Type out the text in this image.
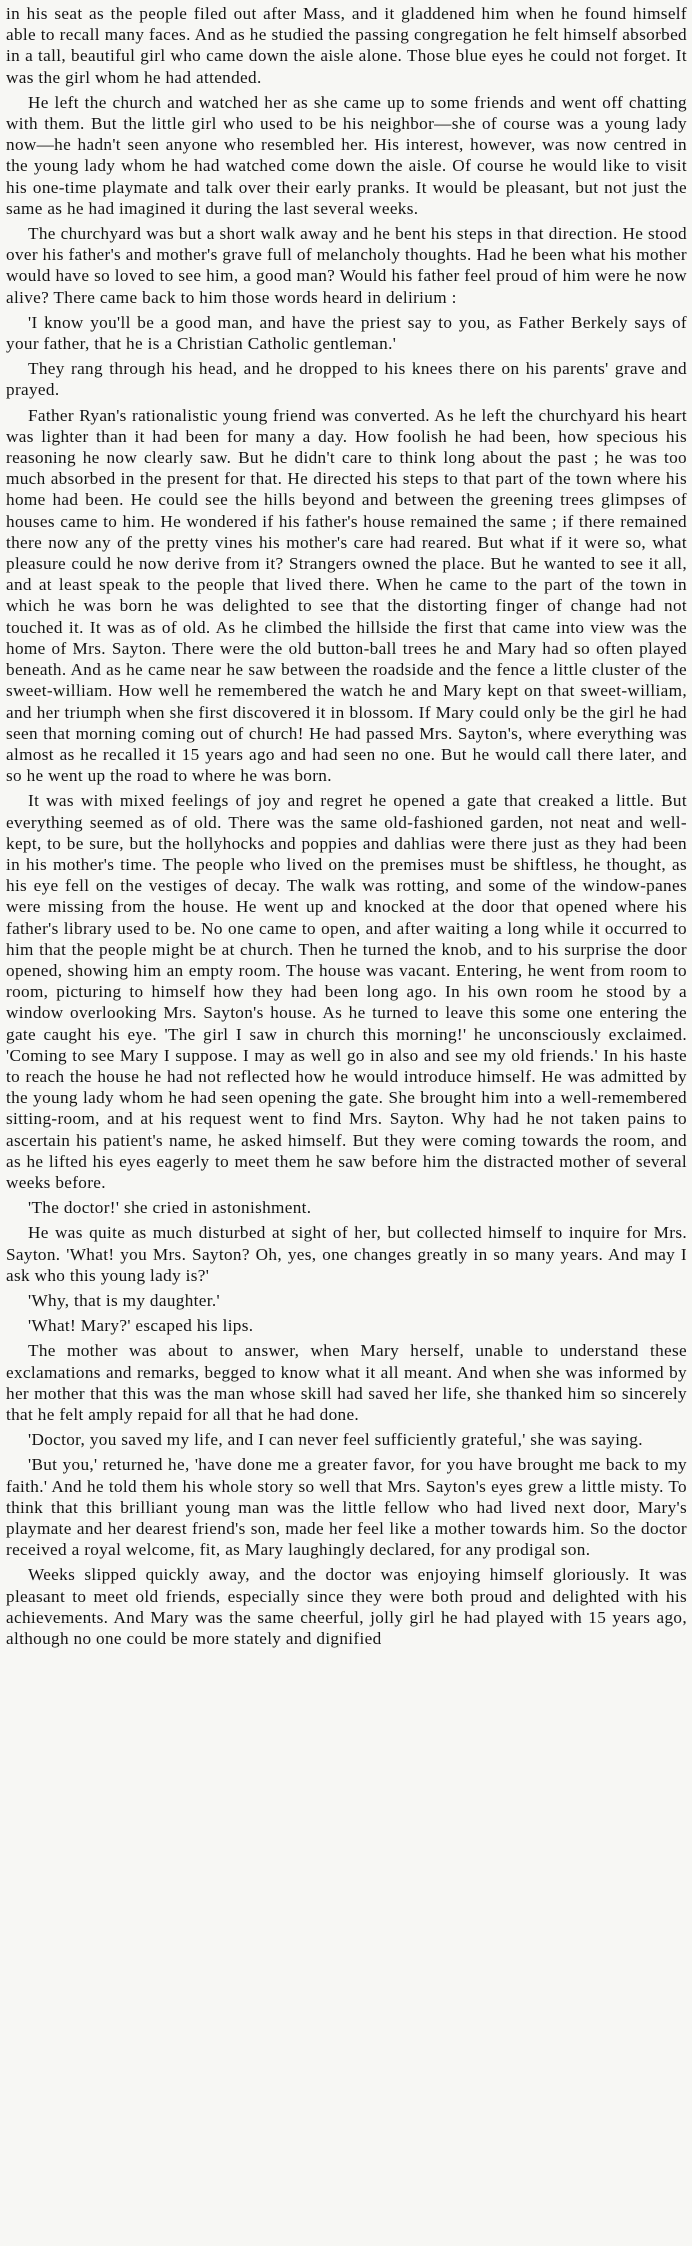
in his seat as the people filed out after Mass, and it gladdened him when he found himself able to recall many faces. And as he studied the passing congregation he felt himself absorbed in a tall, beautiful girl who came down the aisle alone. Those blue eyes he could not forget. It was the girl whom he had attended.

He left the church and watched her as she came up to some friends and went off chatting with them. But the little girl who used to be his neighbor—she of course was a young lady now—he hadn't seen anyone who resembled her. His interest, however, was now centred in the young lady whom he had watched come down the aisle. Of course he would like to visit his one-time playmate and talk over their early pranks. It would be pleasant, but not just the same as he had imagined it during the last several weeks.

The churchyard was but a short walk away and he bent his steps in that direction. He stood over his father's and mother's grave full of melancholy thoughts. Had he been what his mother would have so loved to see him, a good man? Would his father feel proud of him were he now alive? There came back to him those words heard in delirium :

'I know you'll be a good man, and have the priest say to you, as Father Berkely says of your father, that he is a Christian Catholic gentleman.'

They rang through his head, and he dropped to his knees there on his parents' grave and prayed.

Father Ryan's rationalistic young friend was converted. As he left the churchyard his heart was lighter than it had been for many a day. How foolish he had been, how specious his reasoning he now clearly saw. But he didn't care to think long about the past ; he was too much absorbed in the present for that. He directed his steps to that part of the town where his home had been. He could see the hills beyond and between the greening trees glimpses of houses came to him. He wondered if his father's house remained the same ; if there remained there now any of the pretty vines his mother's care had reared. But what if it were so, what pleasure could he now derive from it? Strangers owned the place. But he wanted to see it all, and at least speak to the people that lived there. When he came to the part of the town in which he was born he was delighted to see that the distorting finger of change had not touched it. It was as of old. As he climbed the hillside the first that came into view was the home of Mrs. Sayton. There were the old button-ball trees he and Mary had so often played beneath. And as he came near he saw between the roadside and the fence a little cluster of the sweet-william. How well he remembered the watch he and Mary kept on that sweet-william, and her triumph when she first discovered it in blossom. If Mary could only be the girl he had seen that morning coming out of church! He had passed Mrs. Sayton's, where everything was almost as he recalled it 15 years ago and had seen no one. But he would call there later, and so he went up the road to where he was born.

It was with mixed feelings of joy and regret he opened a gate that creaked a little. But everything seemed as of old. There was the same old-fashioned garden, not neat and well-kept, to be sure, but the hollyhocks and poppies and dahlias were there just as they had been in his mother's time. The people who lived on the premises must be shiftless, he thought, as his eye fell on the vestiges of decay. The walk was rotting, and some of the window-panes were missing from the house. He went up and knocked at the door that opened where his father's library used to be. No one came to open, and after waiting a long while it occurred to him that the people might be at church. Then he turned the knob, and to his surprise the door opened, showing him an empty room. The house was vacant. Entering, he went from room to room, picturing to himself how they had been long ago. In his own room he stood by a window overlooking Mrs. Sayton's house. As he turned to leave this some one entering the gate caught his eye. 'The girl I saw in church this morning!' he unconsciously exclaimed. 'Coming to see Mary I suppose. I may as well go in also and see my old friends.' In his haste to reach the house he had not reflected how he would introduce himself. He was admitted by the young lady whom he had seen opening the gate. She brought him into a well-remembered sitting-room, and at his request went to find Mrs. Sayton. Why had he not taken pains to ascertain his patient's name, he asked himself. But they were coming towards the room, and as he lifted his eyes eagerly to meet them he saw before him the distracted mother of several weeks before.

'The doctor!' she cried in astonishment.

He was quite as much disturbed at sight of her, but collected himself to inquire for Mrs. Sayton. 'What! you Mrs. Sayton? Oh, yes, one changes greatly in so many years. And may I ask who this young lady is?'

'Why, that is my daughter.'

'What! Mary?' escaped his lips.

The mother was about to answer, when Mary herself, unable to understand these exclamations and remarks, begged to know what it all meant. And when she was informed by her mother that this was the man whose skill had saved her life, she thanked him so sincerely that he felt amply repaid for all that he had done.

'Doctor, you saved my life, and I can never feel sufficiently grateful,' she was saying.

'But you,' returned he, 'have done me a greater favor, for you have brought me back to my faith.' And he told them his whole story so well that Mrs. Sayton's eyes grew a little misty. To think that this brilliant young man was the little fellow who had lived next door, Mary's playmate and her dearest friend's son, made her feel like a mother towards him. So the doctor received a royal welcome, fit, as Mary laughingly declared, for any prodigal son.

Weeks slipped quickly away, and the doctor was enjoying himself gloriously. It was pleasant to meet old friends, especially since they were both proud and delighted with his achievements. And Mary was the same cheerful, jolly girl he had played with 15 years ago, although no one could be more stately and dignified
